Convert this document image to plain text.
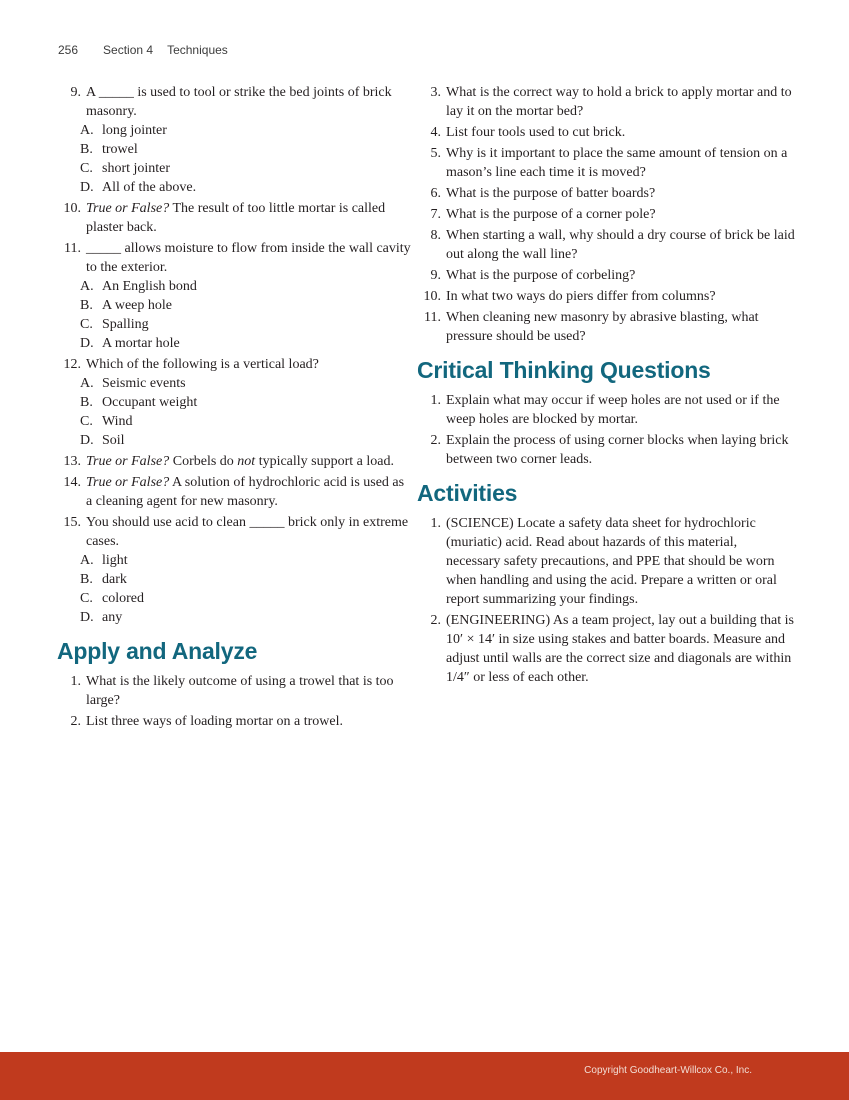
256 Section 4 Techniques
9. A _____ is used to tool or strike the bed joints of brick masonry.
A. long jointer
B. trowel
C. short jointer
D. All of the above.
10. True or False? The result of too little mortar is called plaster back.
11. _____ allows moisture to flow from inside the wall cavity to the exterior.
A. An English bond
B. A weep hole
C. Spalling
D. A mortar hole
12. Which of the following is a vertical load?
A. Seismic events
B. Occupant weight
C. Wind
D. Soil
13. True or False? Corbels do not typically support a load.
14. True or False? A solution of hydrochloric acid is used as a cleaning agent for new masonry.
15. You should use acid to clean _____ brick only in extreme cases.
A. light
B. dark
C. colored
D. any
Apply and Analyze
1. What is the likely outcome of using a trowel that is too large?
2. List three ways of loading mortar on a trowel.
3. What is the correct way to hold a brick to apply mortar and to lay it on the mortar bed?
4. List four tools used to cut brick.
5. Why is it important to place the same amount of tension on a mason’s line each time it is moved?
6. What is the purpose of batter boards?
7. What is the purpose of a corner pole?
8. When starting a wall, why should a dry course of brick be laid out along the wall line?
9. What is the purpose of corbeling?
10. In what two ways do piers differ from columns?
11. When cleaning new masonry by abrasive blasting, what pressure should be used?
Critical Thinking Questions
1. Explain what may occur if weep holes are not used or if the weep holes are blocked by mortar.
2. Explain the process of using corner blocks when laying brick between two corner leads.
Activities
1. (SCIENCE) Locate a safety data sheet for hydrochloric (muriatic) acid. Read about hazards of this material, necessary safety precautions, and PPE that should be worn when handling and using the acid. Prepare a written or oral report summarizing your findings.
2. (ENGINEERING) As a team project, lay out a building that is 10′ × 14′ in size using stakes and batter boards. Measure and adjust until walls are the correct size and diagonals are within 1/4″ or less of each other.
Copyright Goodheart-Willcox Co., Inc.
